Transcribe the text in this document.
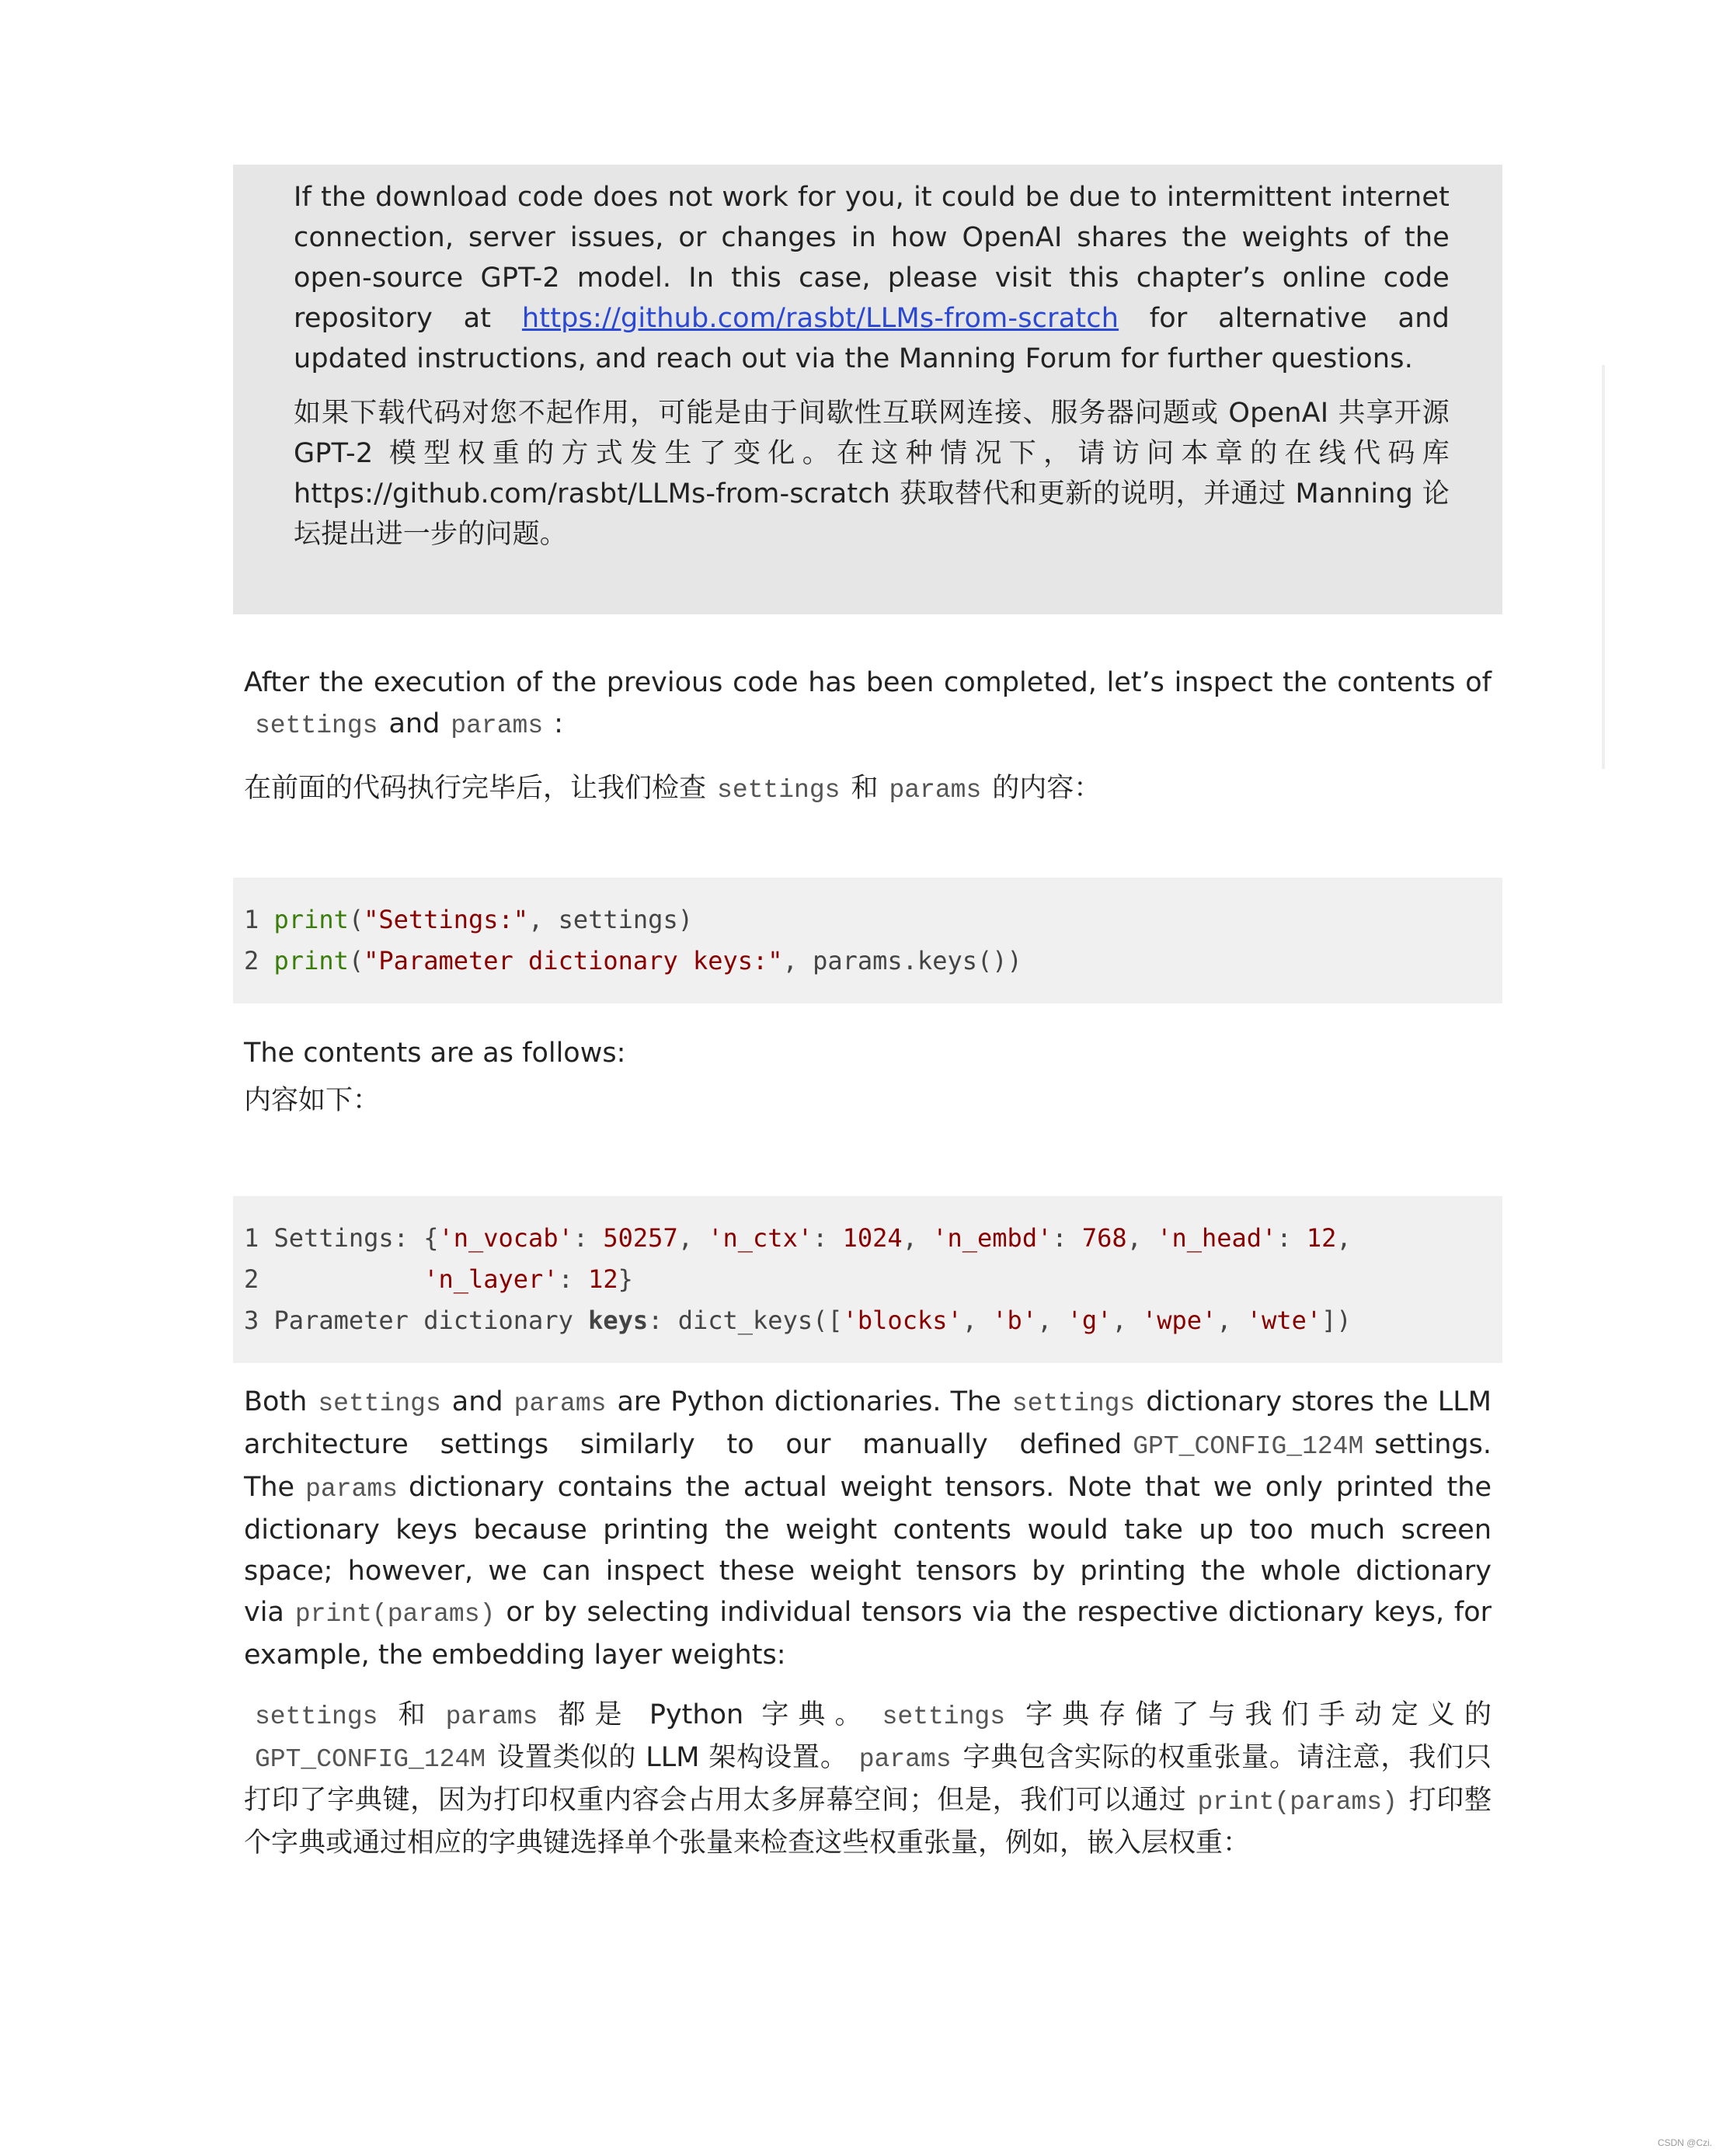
If the download code does not work for you, it could be due to intermittent internet connection, server issues, or changes in how OpenAI shares the weights of the open-source GPT-2 model. In this case, please visit this chapter’s online code repository at https://github.com/rasbt/LLMs-from-scratch for alternative and updated instructions, and reach out via the Manning Forum for further questions.

如果下载代码对您不起作用，可能是由于间歇性互联网连接、服务器问题或 OpenAI 共享开源 GPT-2 模型权重的方式发生了变化。在这种情况下，请访问本章的在线代码库 https://github.com/rasbt/LLMs-from-scratch 获取替代和更新的说明，并通过 Manning 论坛提出进一步的问题。

After the execution of the previous code has been completed, let’s inspect the contents of settings and params :

在前面的代码执行完毕后，让我们检查 settings 和 params 的内容：

1 print("Settings:", settings)
2 print("Parameter dictionary keys:", params.keys())

The contents are as follows:

内容如下：

1 Settings: {'n_vocab': 50257, 'n_ctx': 1024, 'n_embd': 768, 'n_head': 12,
2	'n_layer': 12}
3 Parameter dictionary keys: dict_keys(['blocks', 'b', 'g', 'wpe', 'wte'])

Both settings and params are Python dictionaries. The settings dictionary stores the LLM architecture settings similarly to our manually defined GPT_CONFIG_124M settings. The params dictionary contains the actual weight tensors. Note that we only printed the dictionary keys because printing the weight contents would take up too much screen space; however, we can inspect these weight tensors by printing the whole dictionary via print(params) or by selecting individual tensors via the respective dictionary keys, for example, the embedding layer weights:

settings 和 params 都是 Python 字典。 settings 字典存储了与我们手动定义的GPT_CONFIG_124M 设置类似的 LLM 架构设置。 params 字典包含实际的权重张量。请注意，我们只打印了字典键，因为打印权重内容会占用太多屏幕空间；但是，我们可以通过 print(params) 打印整个字典或通过相应的字典键选择单个张量来检查这些权重张量，例如，嵌入层权重：

CSDN @Czi.
